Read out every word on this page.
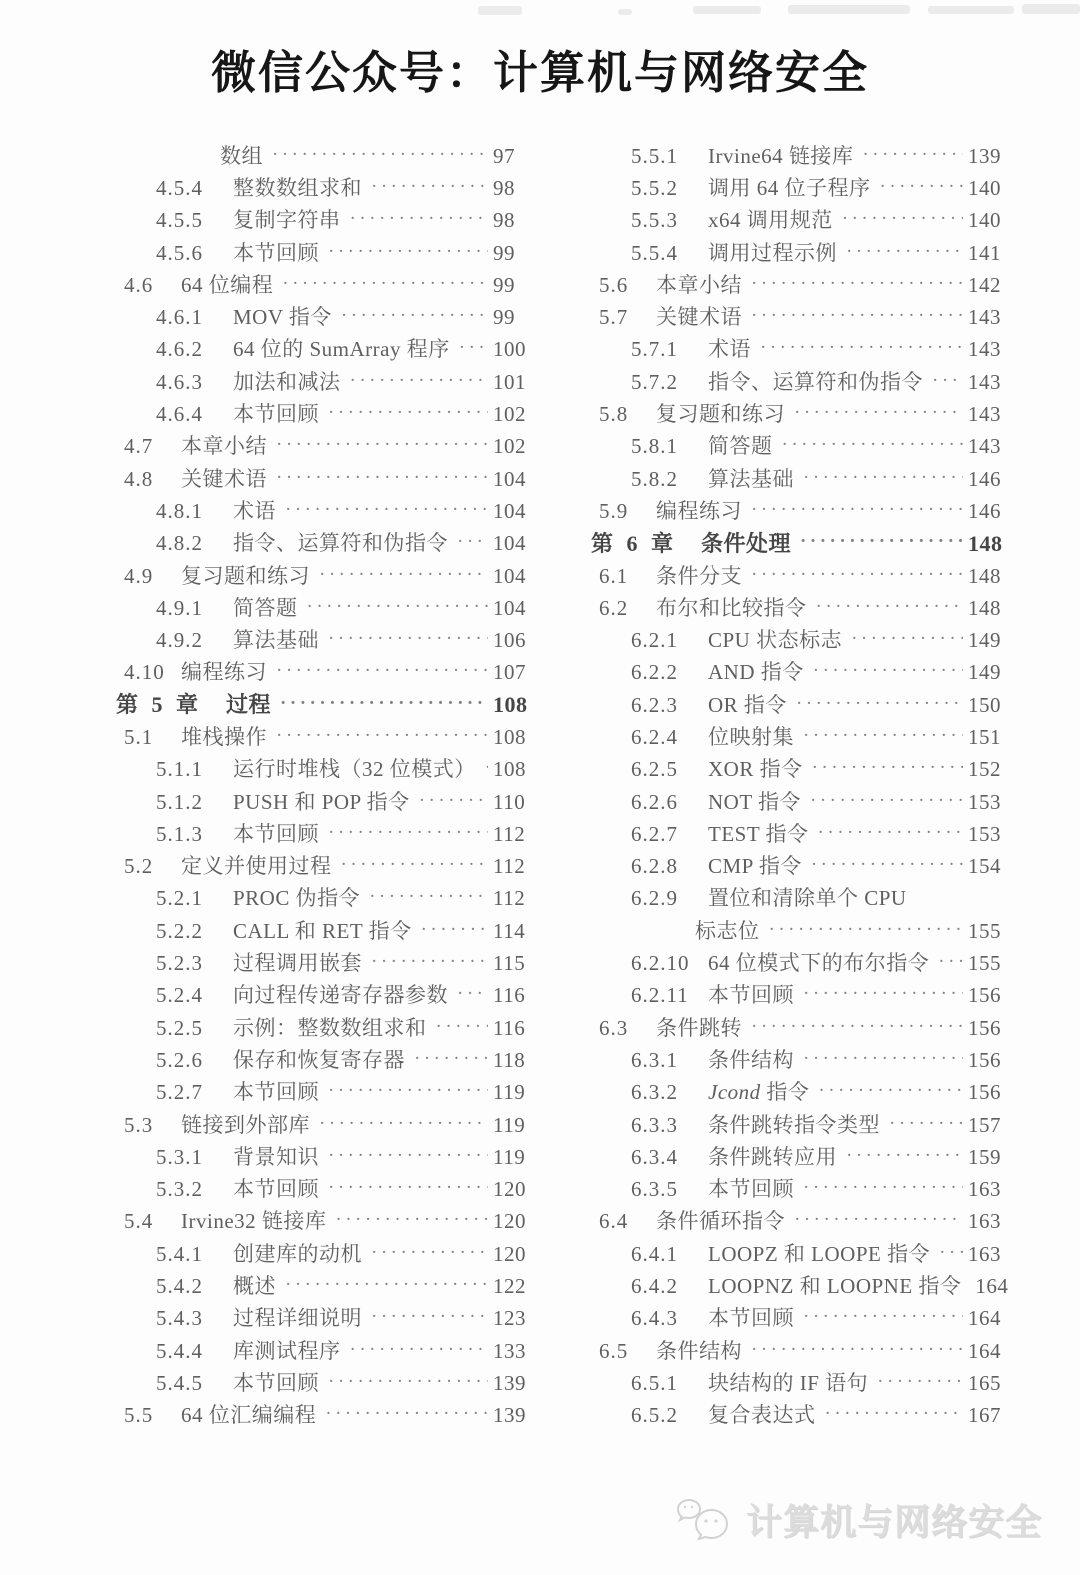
微信公众号：计算机与网络安全
数组 ·····	97
4.5.4	整数数组求和 ·····	98
4.5.5	复制字符串 ·····	98
4.5.6	本节回顾 ·····	99
4.6	64 位编程 ·····	99
4.6.1	MOV 指令 ·····	99
4.6.2	64 位的 SumArray 程序 ····· 100
4.6.3	加法和减法 ·····	101
4.6.4	本节回顾 ·····	102
4.7	本章小结 ·····	102
4.8	关键术语 ·····	104
4.8.1	术语 ·····	104
4.8.2	指令、运算符和伪指令 ····· 104
4.9	复习题和练习 ·····	104
4.9.1	简答题 ·····	104
4.9.2	算法基础 ·····	106
4.10 编程练习 ·····	107
第 5 章 过程 ·····	108
5.1	堆栈操作 ·····	108
5.1.1	运行时堆栈（32 位模式） ····· 108
5.1.2	PUSH 和 POP 指令 ·····	110
5.1.3	本节回顾 ·····	112
5.2	定义并使用过程 ·····	112
5.2.1	PROC 伪指令 ·····	112
5.2.2	CALL 和 RET 指令 ·····	114
5.2.3	过程调用嵌套 ·····	115
5.2.4	向过程传递寄存器参数 ····· 116
5.2.5	示例：整数数组求和 ·····	116
5.2.6	保存和恢复寄存器 ·····	118
5.2.7	本节回顾 ·····	119
5.3	链接到外部库 ·····	119
5.3.1	背景知识 ·····	119
5.3.2	本节回顾 ·····	120
5.4	Irvine32 链接库 ·····	120
5.4.1	创建库的动机 ·····	120
5.4.2	概述 ·····	122
5.4.3	过程详细说明 ·····	123
5.4.4	库测试程序 ·····	133
5.4.5	本节回顾 ·····	139
5.5	64 位汇编编程 ·····	139
5.5.1	Irvine64 链接库 ·····	139
5.5.2	调用 64 位子程序 ·····	140
5.5.3	x64 调用规范 ·····	140
5.5.4	调用过程示例 ·····	141
5.6	本章小结 ·····	142
5.7	关键术语 ·····	143
5.7.1	术语 ·····	143
5.7.2	指令、运算符和伪指令 ····· 143
5.8	复习题和练习 ·····	143
5.8.1	简答题 ·····	143
5.8.2	算法基础 ·····	146
5.9	编程练习 ·····	146
第 6 章 条件处理 ·····	148
6.1	条件分支 ·····	148
6.2	布尔和比较指令 ·····	148
6.2.1	CPU 状态标志 ·····	149
6.2.2	AND 指令 ·····	149
6.2.3	OR 指令 ·····	150
6.2.4	位映射集 ·····	151
6.2.5	XOR 指令 ·····	152
6.2.6	NOT 指令 ·····	153
6.2.7	TEST 指令 ·····	153
6.2.8	CMP 指令 ·····	154
6.2.9	置位和清除单个 CPU
标志位 ·····	155
6.2.10 64 位模式下的布尔指令 ····· 155
6.2.11 本节回顾 ·····	156
6.3	条件跳转 ·····	156
6.3.1	条件结构 ·····	156
6.3.2	Jcond 指令 ·····	156
6.3.3	条件跳转指令类型 ·····	157
6.3.4	条件跳转应用 ·····	159
6.3.5	本节回顾 ·····	163
6.4	条件循环指令 ·····	163
6.4.1	LOOPZ 和 LOOPE 指令 ····· 163
6.4.2	LOOPNZ 和 LOOPNE 指令 164
6.4.3	本节回顾 ·····	164
6.5	条件结构 ·····	164
6.5.1	块结构的 IF 语句 ·····	165
6.5.2	复合表达式 ·····	167
计算机与网络安全
